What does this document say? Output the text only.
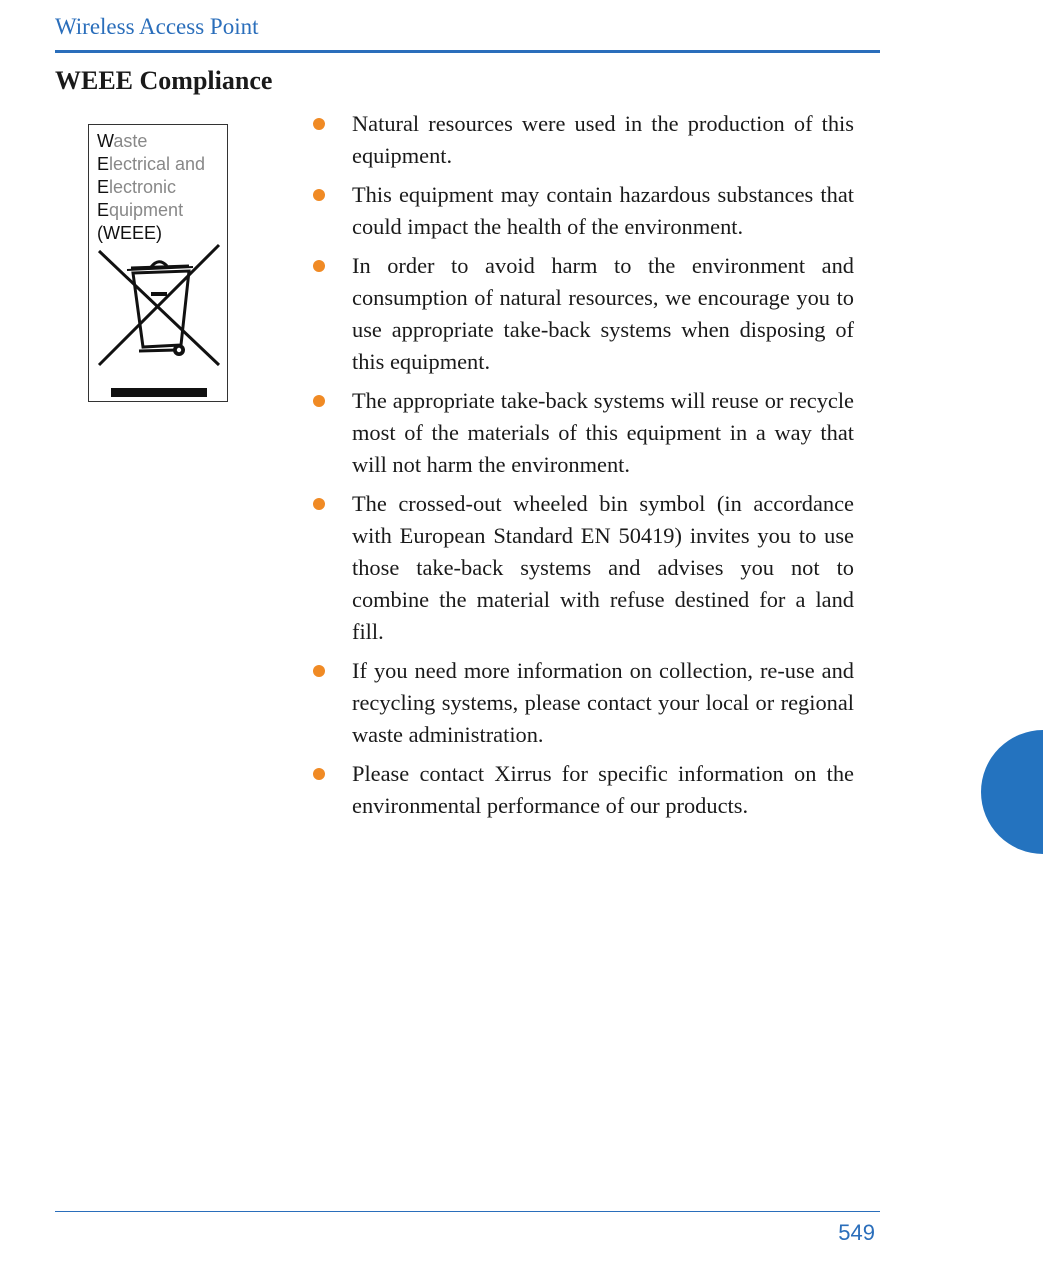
Wireless Access Point
WEEE Compliance
Waste
Electrical and
Electronic
Equipment
(WEEE)
Natural resources were used in the production of this equipment.
This equipment may contain hazardous substances that could impact the health of the environment.
In order to avoid harm to the environment and consumption of natural resources, we encourage you to use appropriate take-back systems when disposing of this equipment.
The appropriate take-back systems will reuse or recycle most of the materials of this equipment in a way that will not harm the environment.
The crossed-out wheeled bin symbol (in accordance with European Standard EN 50419) invites you to use those take-back systems and advises you not to combine the material with refuse destined for a land fill.
If you need more information on collection, re-use and recycling systems, please contact your local or regional waste administration.
Please contact Xirrus for specific information on the environmental performance of our products.
549
